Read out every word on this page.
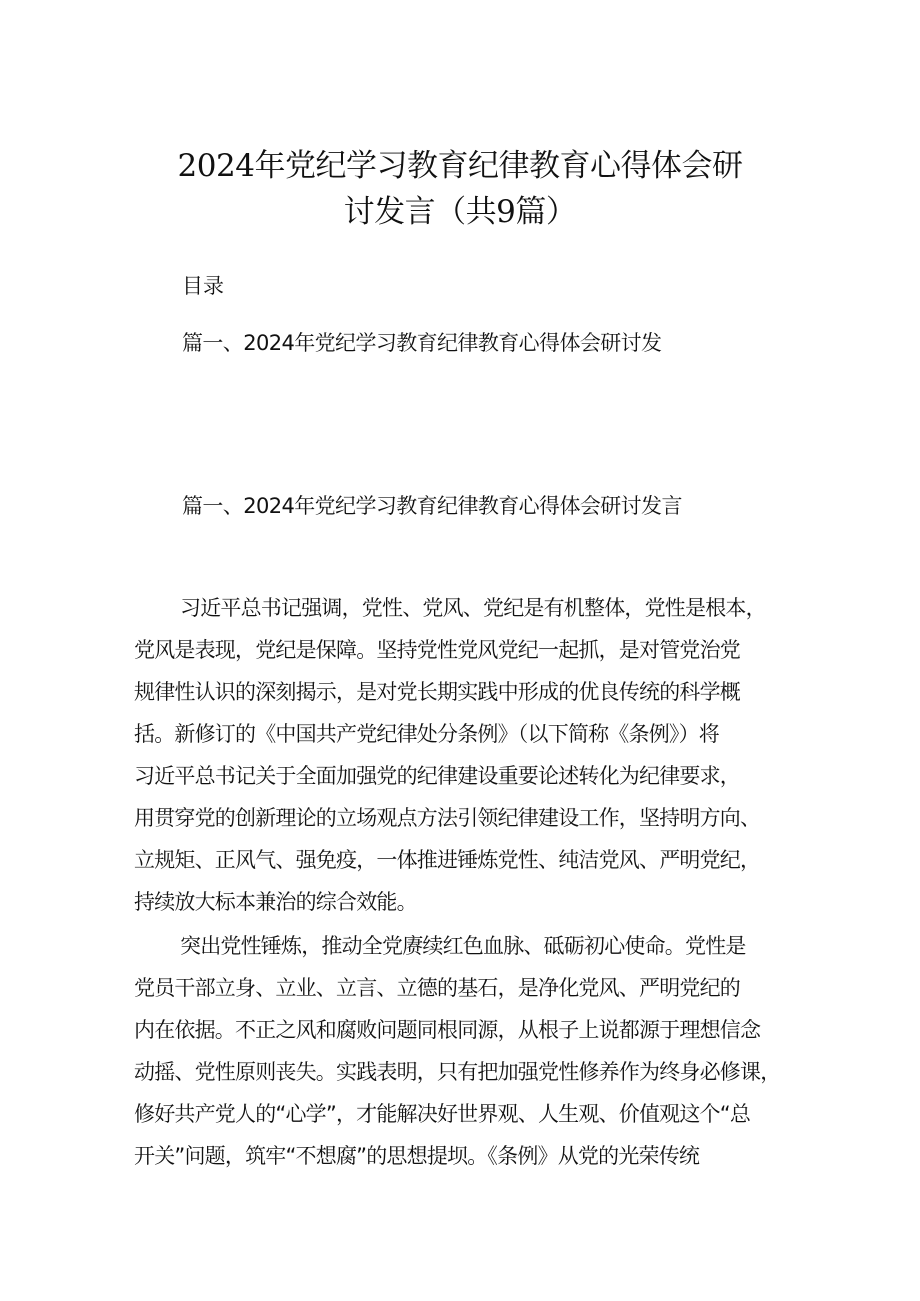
2024年党纪学习教育纪律教育心得体会研
讨发言（共9篇）
目录
篇一、2024年党纪学习教育纪律教育心得体会研讨发
篇一、2024年党纪学习教育纪律教育心得体会研讨发言
习近平总书记强调，党性、党风、党纪是有机整体，党性是根本，
党风是表现，党纪是保障。坚持党性党风党纪一起抓，是对管党治党
规律性认识的深刻揭示，是对党长期实践中形成的优良传统的科学概
括。新修订的《中国共产党纪律处分条例》（以下简称《条例》）将
习近平总书记关于全面加强党的纪律建设重要论述转化为纪律要求，
用贯穿党的创新理论的立场观点方法引领纪律建设工作，坚持明方向、
立规矩、正风气、强免疫，一体推进锤炼党性、纯洁党风、严明党纪，
持续放大标本兼治的综合效能。
突出党性锤炼，推动全党赓续红色血脉、砥砺初心使命。党性是
党员干部立身、立业、立言、立德的基石，是净化党风、严明党纪的
内在依据。不正之风和腐败问题同根同源，从根子上说都源于理想信念
动摇、党性原则丧失。实践表明，只有把加强党性修养作为终身必修课，
修好共产党人的“心学”，才能解决好世界观、人生观、价值观这个“总
开关”问题，筑牢“不想腐”的思想提坝。《条例》从党的光荣传统
